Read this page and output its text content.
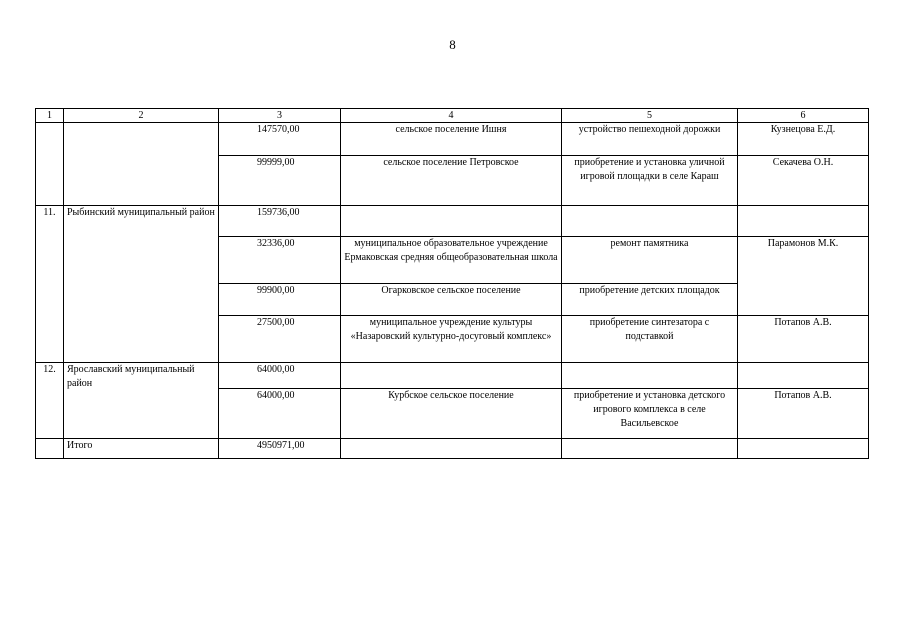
8
1	2	3	4	5	6
		147570,00	сельское поселение Ишня	устройство пешеходной дорожки	Кузнецова Е.Д.
		99999,00	сельское поселение Петровское	приобретение и установка уличной игровой площадки в селе Караш	Секачева О.Н.
11.	Рыбинский муниципальный район	159736,00			
		32336,00	муниципальное образовательное учреждение Ермаковская средняя общеобразовательная школа	ремонт памятника	Парамонов М.К.
		99900,00	Огарковское сельское поселение	приобретение детских площадок	
		27500,00	муниципальное учреждение культуры «Назаровский культурно-досуговый комплекс»	приобретение синтезатора с подставкой	Потапов А.В.
12.	Ярославский муниципальный район	64000,00			
		64000,00	Курбское сельское поселение	приобретение и установка детского игрового комплекса в селе Васильевское	Потапов А.В.
	Итого	4950971,00			
